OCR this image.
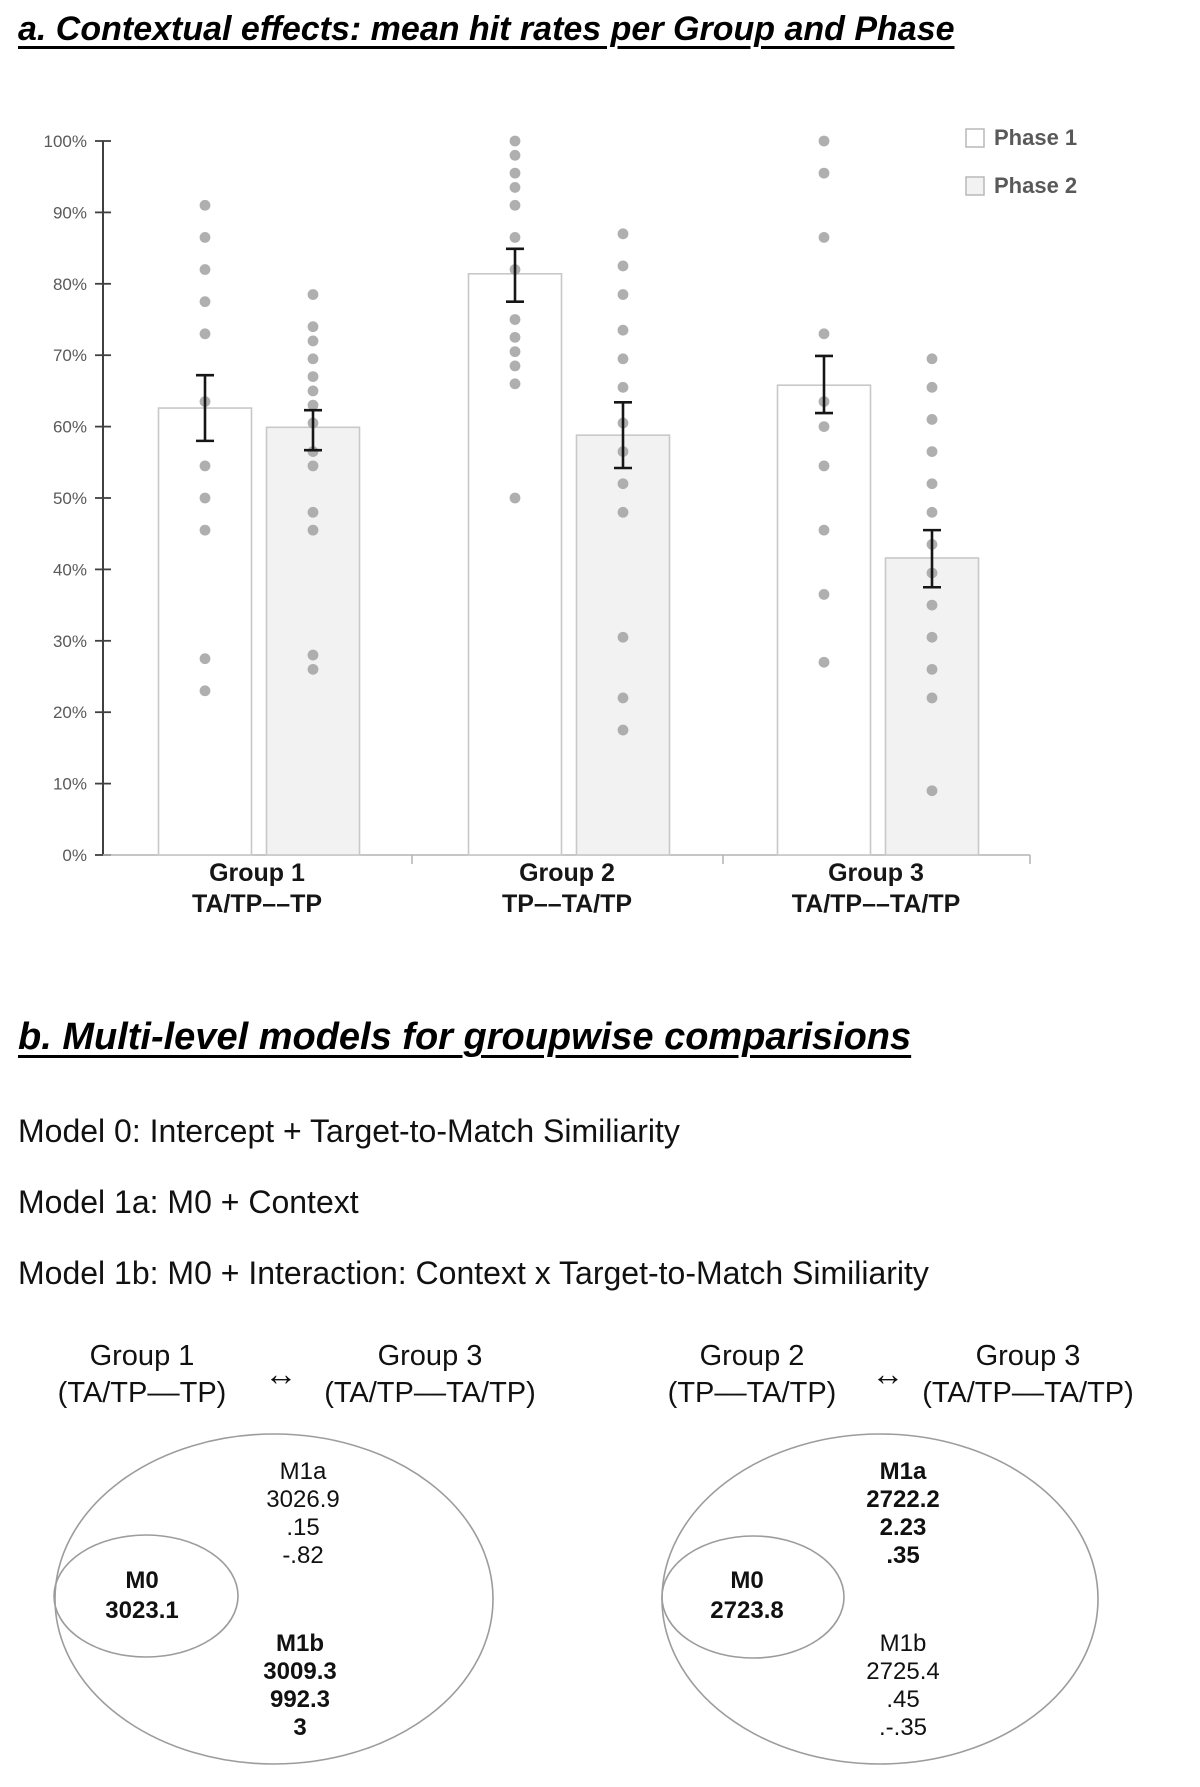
a. Contextual effects: mean hit rates per Group and Phase
0%
10%
20%
30%
40%
50%
60%
70%
80%
90%
100%
Group 1
TA/TP––TP
Group 2
TP––TA/TP
Group 3
TA/TP––TA/TP
Phase 1
Phase 2
b. Multi-level models for groupwise comparisions
Model 0: Intercept + Target-to-Match Similiarity
Model 1a: M0 + Context
Model 1b: M0 + Interaction: Context x Target-to-Match Similiarity
Group 1
(TA/TP––TP)
↔	Group 3
(TA/TP––TA/TP)
Group 2
(TP––TA/TP)
↔	Group 3
(TA/TP––TA/TP)
M1a
3026.9
.15
-.82
M0
3023.1
M1b
3009.3
992.3
3
M1a
2722.2
2.23
.35
M0
2723.8
M1b
2725.4
.45
.-.35
